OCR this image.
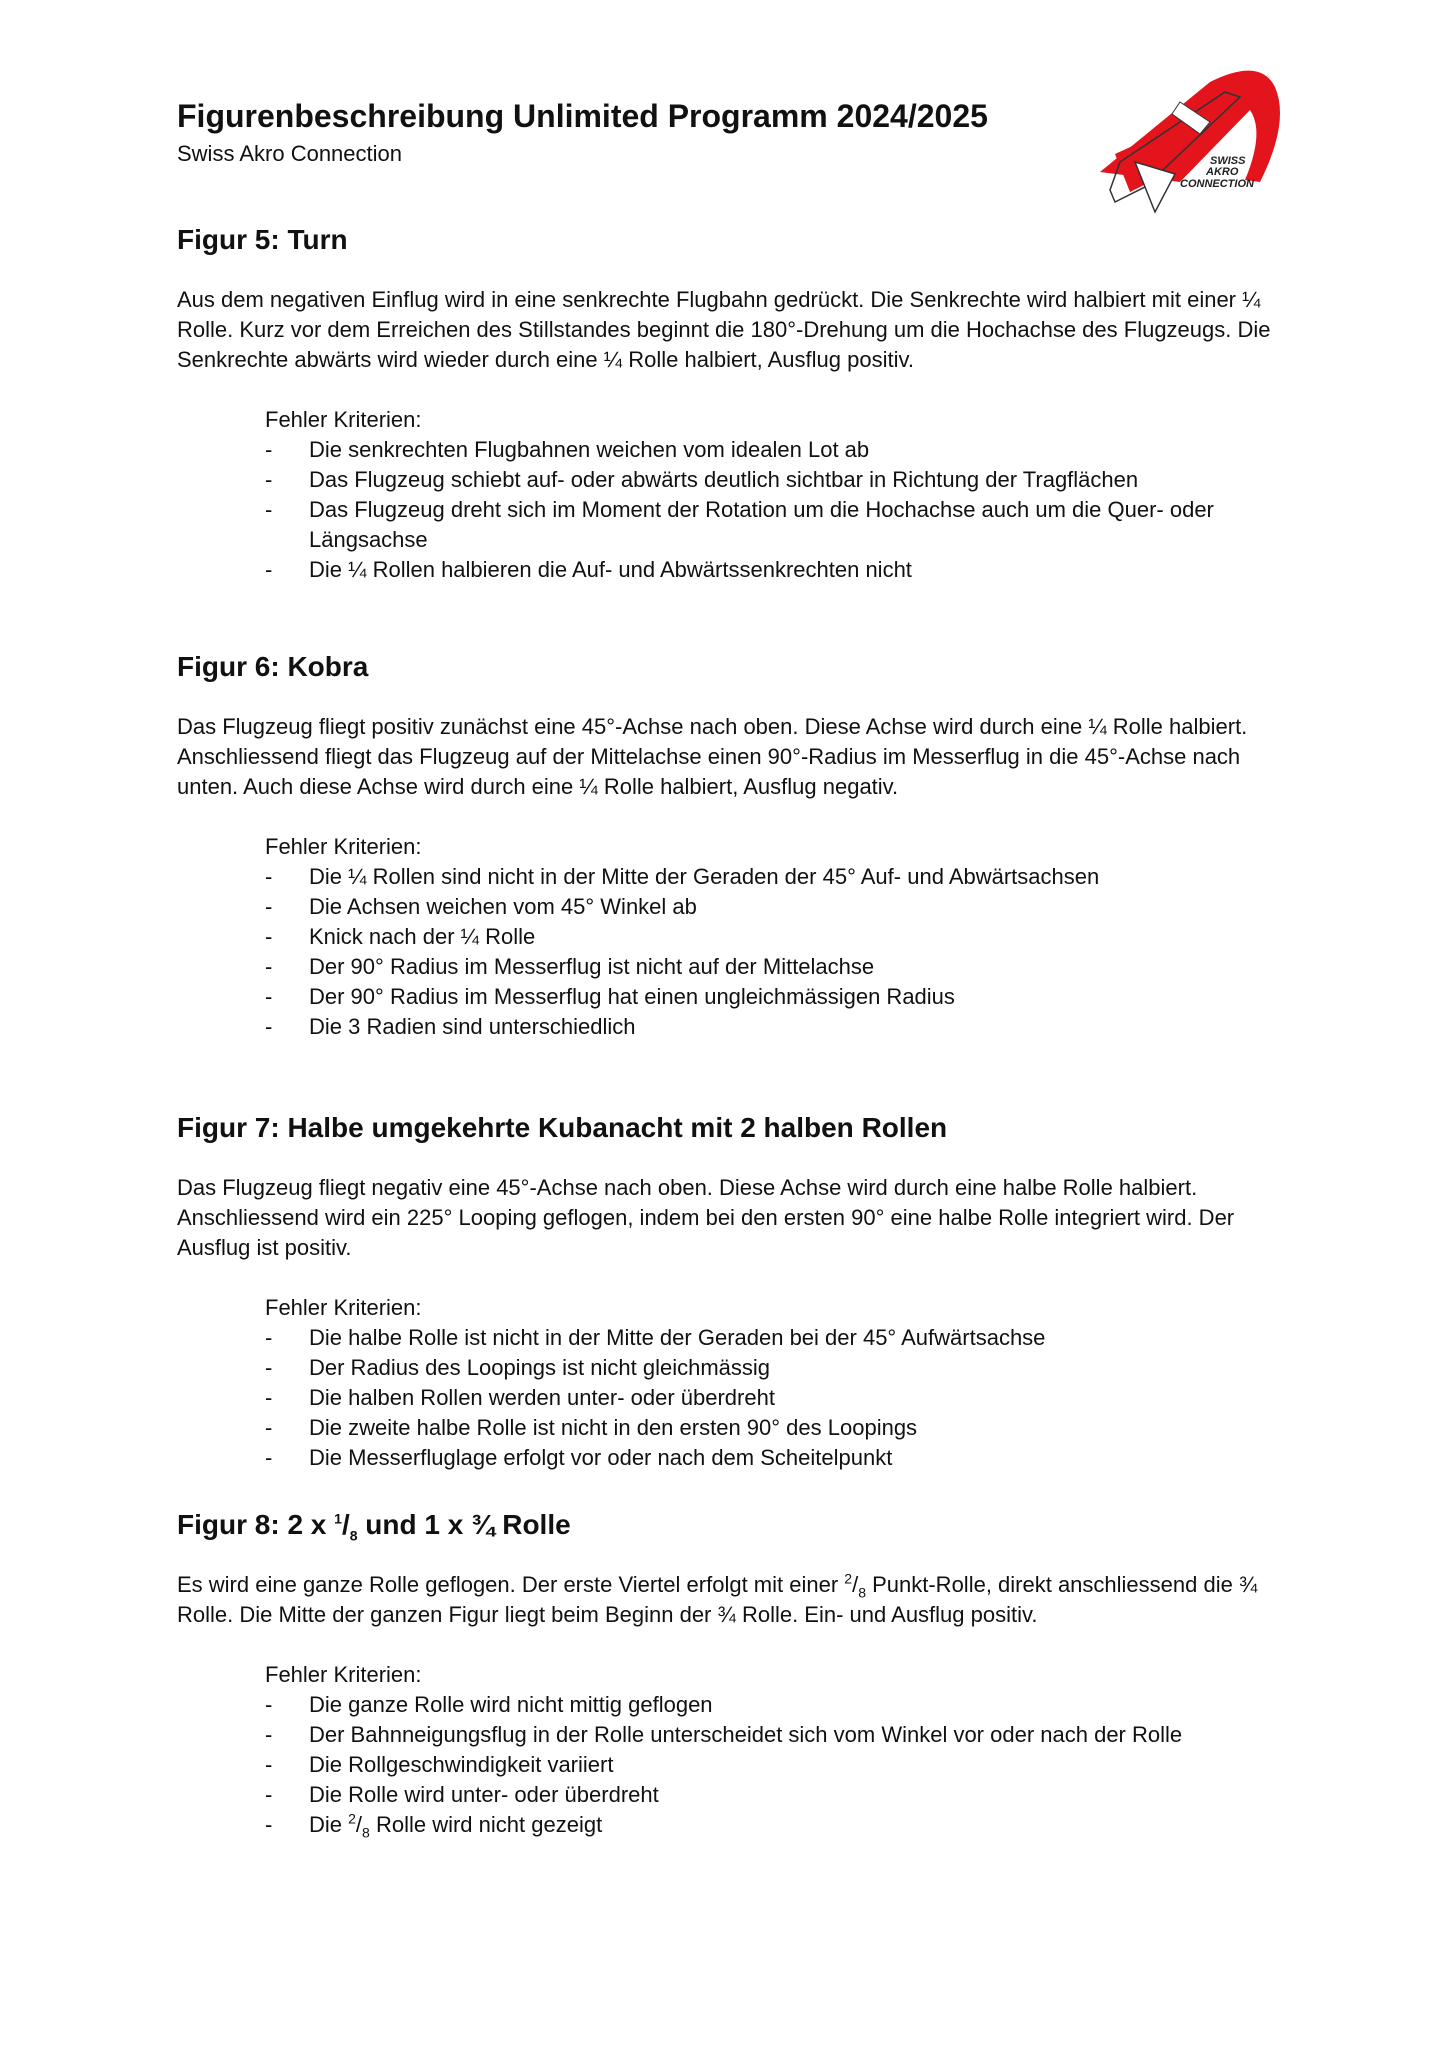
Figurenbeschreibung Unlimited Programm 2024/2025

Swiss Akro Connection	SWISS
AKRO
CONNECTION
Figur 5: Turn

Aus dem negativen Einflug wird in eine senkrechte Flugbahn gedrückt. Die Senkrechte wird halbiert mit einer ¼ Rolle. Kurz vor dem Erreichen des Stillstandes beginnt die 180°-Drehung um die Hochachse des Flugzeugs. Die Senkrechte abwärts wird wieder durch eine ¼ Rolle halbiert, Ausflug positiv.

Fehler Kriterien:

- Die senkrechten Flugbahnen weichen vom idealen Lot ab
- Das Flugzeug schiebt auf- oder abwärts deutlich sichtbar in Richtung der Tragflächen
- Das Flugzeug dreht sich im Moment der Rotation um die Hochachse auch um die Quer- oder Längsachse
- Die ¼ Rollen halbieren die Auf- und Abwärtssenkrechten nicht
Figur 6: Kobra

Das Flugzeug fliegt positiv zunächst eine 45°-Achse nach oben. Diese Achse wird durch eine ¼ Rolle halbiert. Anschliessend fliegt das Flugzeug auf der Mittelachse einen 90°-Radius im Messerflug in die 45°-Achse nach unten. Auch diese Achse wird durch eine ¼ Rolle halbiert, Ausflug negativ.

Fehler Kriterien:

- Die ¼ Rollen sind nicht in der Mitte der Geraden der 45° Auf- und Abwärtsachsen
- Die Achsen weichen vom 45° Winkel ab
- Knick nach der ¼ Rolle
- Der 90° Radius im Messerflug ist nicht auf der Mittelachse
- Der 90° Radius im Messerflug hat einen ungleichmässigen Radius
- Die 3 Radien sind unterschiedlich
Figur 7: Halbe umgekehrte Kubanacht mit 2 halben Rollen

Das Flugzeug fliegt negativ eine 45°-Achse nach oben. Diese Achse wird durch eine halbe Rolle halbiert. Anschliessend wird ein 225° Looping geflogen, indem bei den ersten 90° eine halbe Rolle integriert wird. Der Ausflug ist positiv.

Fehler Kriterien:

- Die halbe Rolle ist nicht in der Mitte der Geraden bei der 45° Aufwärtsachse
- Der Radius des Loopings ist nicht gleichmässig
- Die halben Rollen werden unter- oder überdreht
- Die zweite halbe Rolle ist nicht in den ersten 90° des Loopings
- Die Messerfluglage erfolgt vor oder nach dem Scheitelpunkt
Figur 8: 2 x $^1/_8$ und 1 x ¾ Rolle

Es wird eine ganze Rolle geflogen. Der erste Viertel erfolgt mit einer $^2/_8$ Punkt-Rolle, direkt anschliessend die ¾ Rolle. Die Mitte der ganzen Figur liegt beim Beginn der ¾ Rolle. Ein- und Ausflug positiv.

Fehler Kriterien:

- Die ganze Rolle wird nicht mittig geflogen
- Der Bahnneigungsflug in der Rolle unterscheidet sich vom Winkel vor oder nach der Rolle
- Die Rollgeschwindigkeit variiert
- Die Rolle wird unter- oder überdreht
- Die $^2/_8$ Rolle wird nicht gezeigt
